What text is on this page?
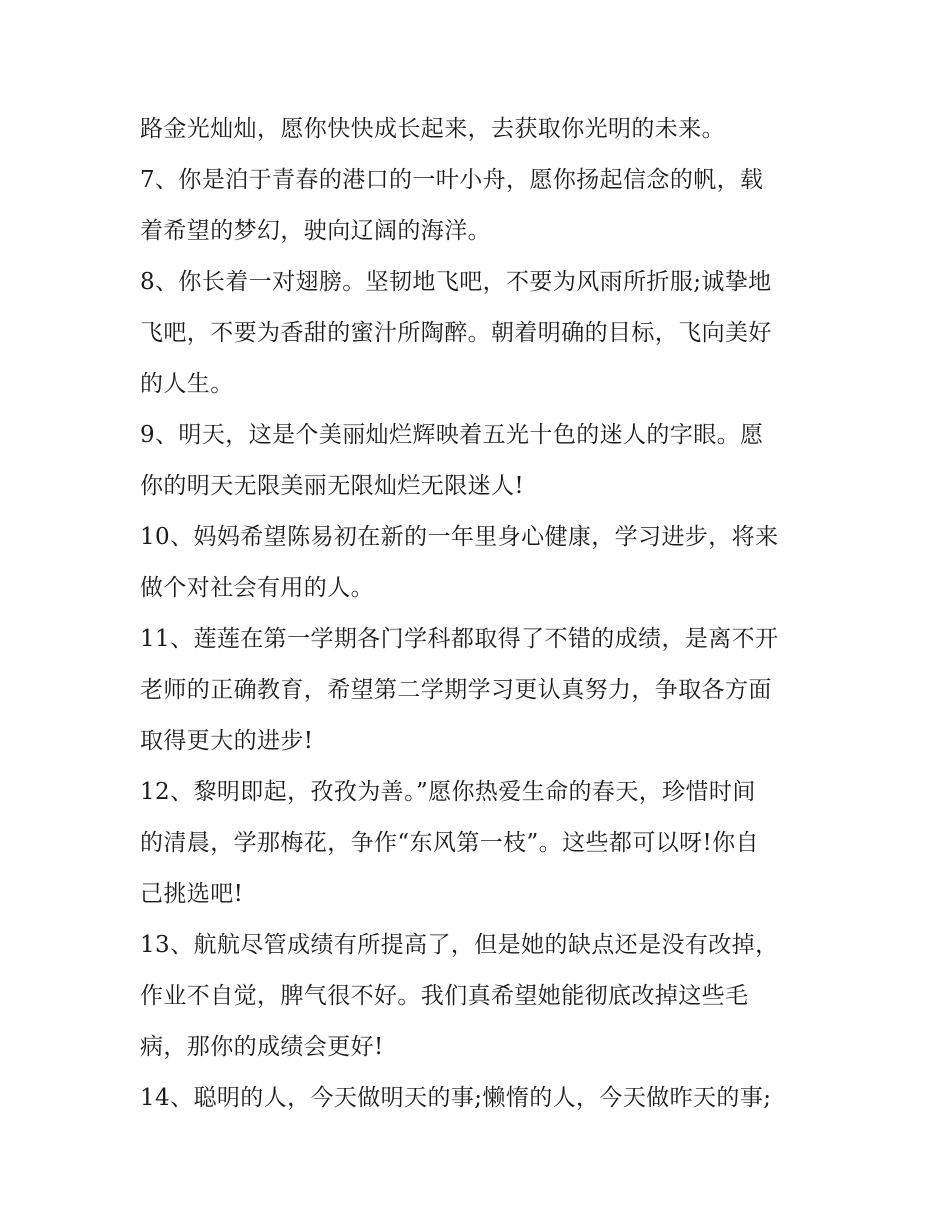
路金光灿灿，愿你快快成长起来，去获取你光明的未来。
7、你是泊于青春的港口的一叶小舟，愿你扬起信念的帆，载
着希望的梦幻，驶向辽阔的海洋。
8、你长着一对翅膀。坚韧地飞吧，不要为风雨所折服;诚挚地
飞吧，不要为香甜的蜜汁所陶醉。朝着明确的目标，飞向美好
的人生。
9、明天，这是个美丽灿烂辉映着五光十色的迷人的字眼。愿
你的明天无限美丽无限灿烂无限迷人!
10、妈妈希望陈易初在新的一年里身心健康，学习进步，将来
做个对社会有用的人。
11、莲莲在第一学期各门学科都取得了不错的成绩，是离不开
老师的正确教育，希望第二学期学习更认真努力，争取各方面
取得更大的进步!
12、黎明即起，孜孜为善。”愿你热爱生命的春天，珍惜时间
的清晨，学那梅花，争作“东风第一枝”。这些都可以呀!你自
己挑选吧!
13、航航尽管成绩有所提高了，但是她的缺点还是没有改掉，
作业不自觉，脾气很不好。我们真希望她能彻底改掉这些毛
病，那你的成绩会更好!
14、聪明的人，今天做明天的事;懒惰的人，今天做昨天的事;
